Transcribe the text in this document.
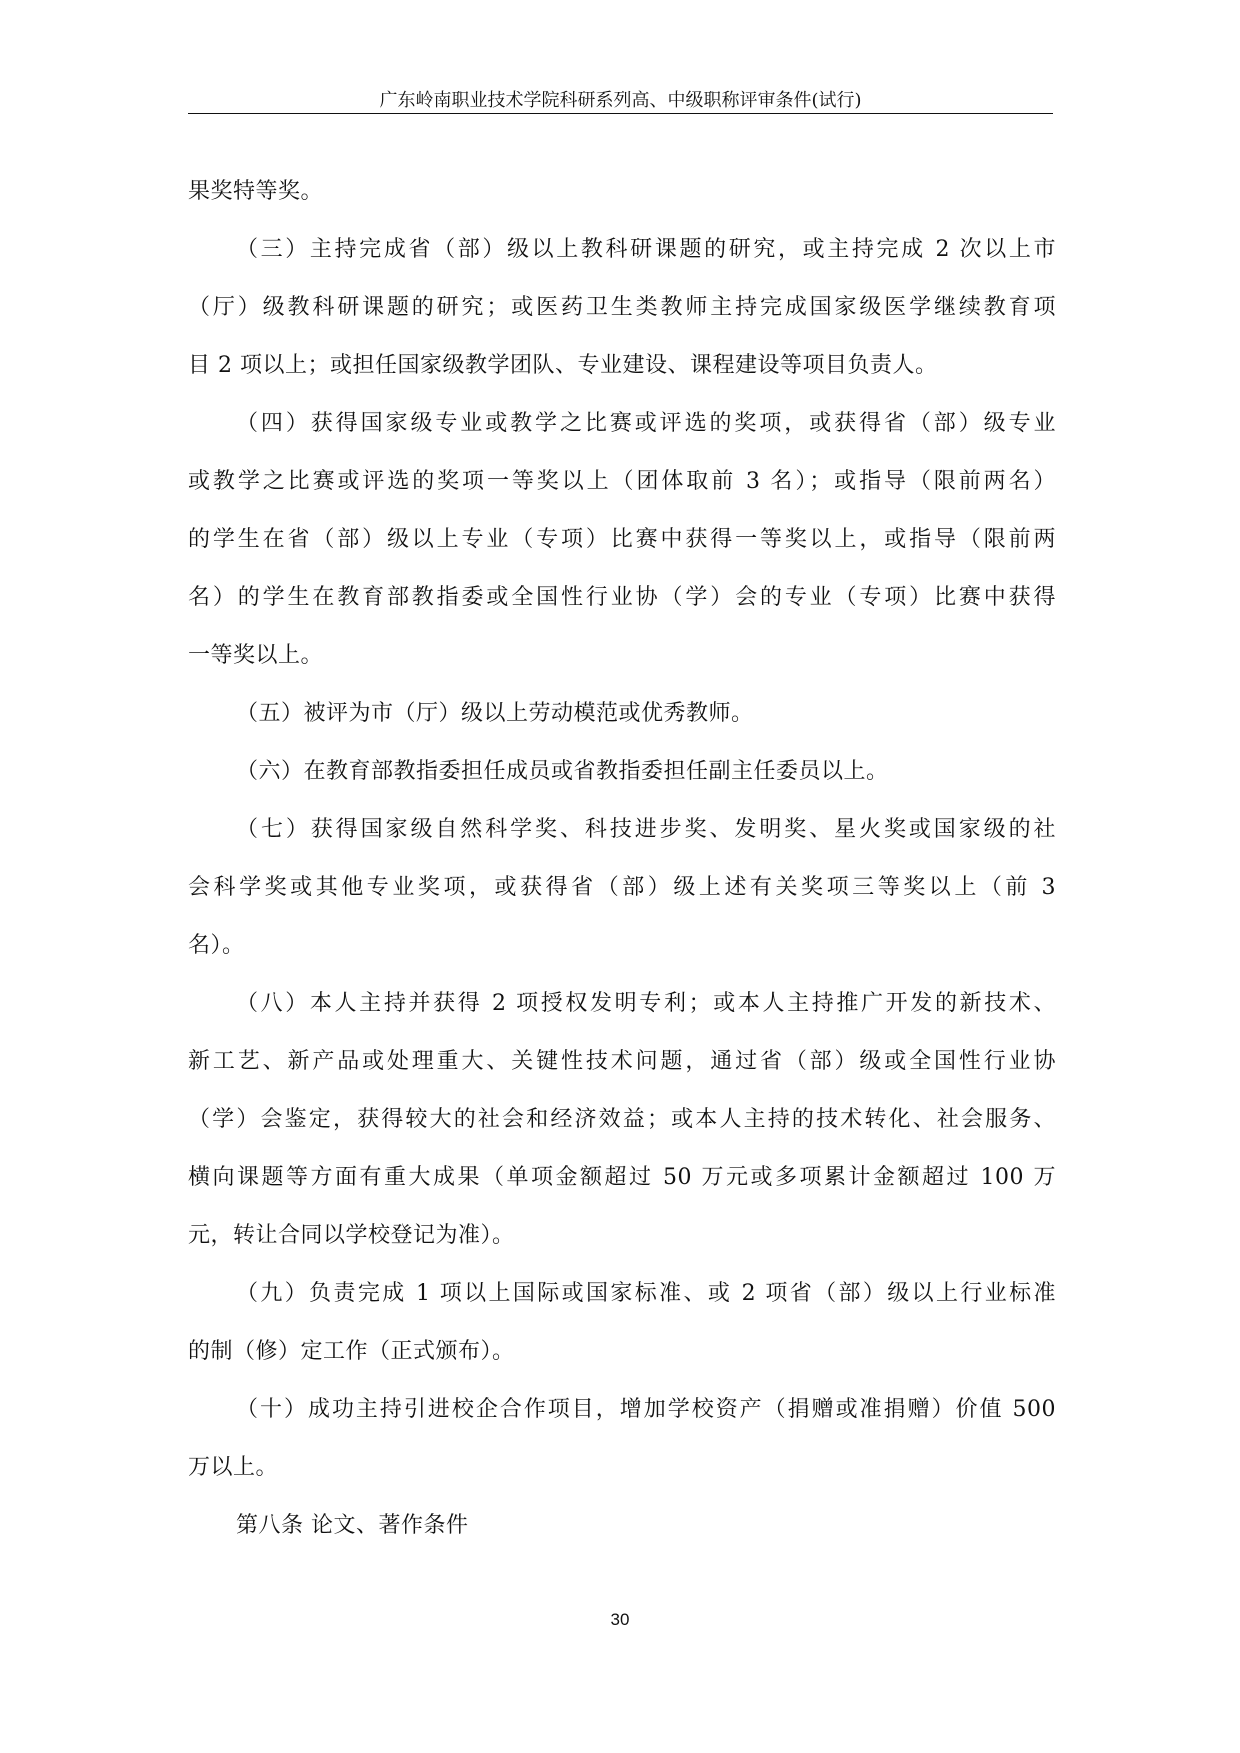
广东岭南职业技术学院科研系列高、中级职称评审条件(试行)
果奖特等奖。
（三）主持完成省（部）级以上教科研课题的研究，或主持完成 2 次以上市
（厅）级教科研课题的研究；或医药卫生类教师主持完成国家级医学继续教育项
目 2 项以上；或担任国家级教学团队、专业建设、课程建设等项目负责人。
（四）获得国家级专业或教学之比赛或评选的奖项，或获得省（部）级专业
或教学之比赛或评选的奖项一等奖以上（团体取前 3 名）；或指导（限前两名）
的学生在省（部）级以上专业（专项）比赛中获得一等奖以上，或指导（限前两
名）的学生在教育部教指委或全国性行业协（学）会的专业（专项）比赛中获得
一等奖以上。
（五）被评为市（厅）级以上劳动模范或优秀教师。
（六）在教育部教指委担任成员或省教指委担任副主任委员以上。
（七）获得国家级自然科学奖、科技进步奖、发明奖、星火奖或国家级的社
会科学奖或其他专业奖项，或获得省（部）级上述有关奖项三等奖以上（前 3
名）。
（八）本人主持并获得 2 项授权发明专利；或本人主持推广开发的新技术、
新工艺、新产品或处理重大、关键性技术问题，通过省（部）级或全国性行业协
（学）会鉴定，获得较大的社会和经济效益；或本人主持的技术转化、社会服务、
横向课题等方面有重大成果（单项金额超过 50 万元或多项累计金额超过 100 万
元，转让合同以学校登记为准）。
（九）负责完成 1 项以上国际或国家标准、或 2 项省（部）级以上行业标准
的制（修）定工作（正式颁布）。
（十）成功主持引进校企合作项目，增加学校资产（捐赠或准捐赠）价值 500
万以上。
第八条 论文、著作条件
30
